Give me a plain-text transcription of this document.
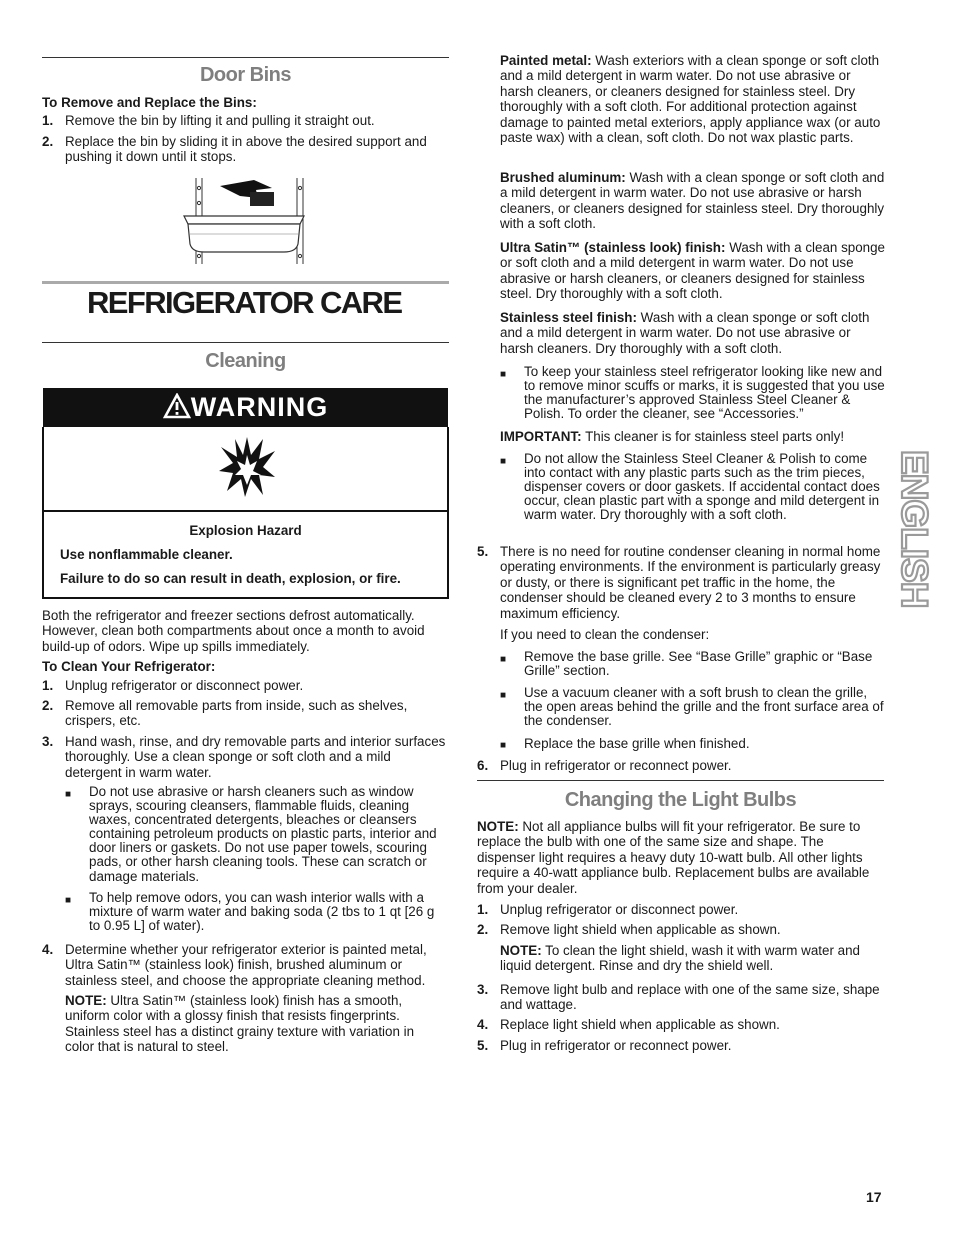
Door Bins
To Remove and Replace the Bins:
1. Remove the bin by lifting it and pulling it straight out.

2. Replace the bin by sliding it in above the desired support and pushing it down until it stops.

REFRIGERATOR CARE
Cleaning
WARNING
Explosion Hazard
Use nonflammable cleaner.
Failure to do so can result in death, explosion, or fire.

Both the refrigerator and freezer sections defrost automatically. However, clean both compartments about once a month to avoid build-up of odors. Wipe up spills immediately.

To Clean Your Refrigerator:
1. Unplug refrigerator or disconnect power.

2. Remove all removable parts from inside, such as shelves, crispers, etc.

3. Hand wash, rinse, and dry removable parts and interior surfaces thoroughly. Use a clean sponge or soft cloth and a mild detergent in warm water.

■ Do not use abrasive or harsh cleaners such as window sprays, scouring cleansers, flammable fluids, cleaning waxes, concentrated detergents, bleaches or cleansers containing petroleum products on plastic parts, interior and door liners or gaskets. Do not use paper towels, scouring pads, or other harsh cleaning tools. These can scratch or damage materials.

■ To help remove odors, you can wash interior walls with a mixture of warm water and baking soda (2 tbs to 1 qt [26 g to 0.95 L] of water).

4. Determine whether your refrigerator exterior is painted metal, Ultra Satin™ (stainless look) finish, brushed aluminum or stainless steel, and choose the appropriate cleaning method.

NOTE: Ultra Satin™ (stainless look) finish has a smooth, uniform color with a glossy finish that resists fingerprints. Stainless steel has a distinct grainy texture with variation in color that is natural to steel.

Painted metal: Wash exteriors with a clean sponge or soft cloth and a mild detergent in warm water. Do not use abrasive or harsh cleaners, or cleaners designed for stainless steel. Dry thoroughly with a soft cloth. For additional protection against damage to painted metal exteriors, apply appliance wax (or auto paste wax) with a clean, soft cloth. Do not wax plastic parts.

Brushed aluminum: Wash with a clean sponge or soft cloth and a mild detergent in warm water. Do not use abrasive or harsh cleaners, or cleaners designed for stainless steel. Dry thoroughly with a soft cloth.

Ultra Satin™ (stainless look) finish: Wash with a clean sponge or soft cloth and a mild detergent in warm water. Do not use abrasive or harsh cleaners, or cleaners designed for stainless steel. Dry thoroughly with a soft cloth.

Stainless steel finish: Wash with a clean sponge or soft cloth and a mild detergent in warm water. Do not use abrasive or harsh cleaners. Dry thoroughly with a soft cloth.

■ To keep your stainless steel refrigerator looking like new and to remove minor scuffs or marks, it is suggested that you use the manufacturer’s approved Stainless Steel Cleaner & Polish. To order the cleaner, see “Accessories.”

IMPORTANT: This cleaner is for stainless steel parts only!

■ Do not allow the Stainless Steel Cleaner & Polish to come into contact with any plastic parts such as the trim pieces, dispenser covers or door gaskets. If accidental contact does occur, clean plastic part with a sponge and mild detergent in warm water. Dry thoroughly with a soft cloth.

5. There is no need for routine condenser cleaning in normal home operating environments. If the environment is particularly greasy or dusty, or there is significant pet traffic in the home, the condenser should be cleaned every 2 to 3 months to ensure maximum efficiency.

If you need to clean the condenser:

■ Remove the base grille. See “Base Grille” graphic or “Base Grille” section.

■ Use a vacuum cleaner with a soft brush to clean the grille, the open areas behind the grille and the front surface area of the condenser.

■ Replace the base grille when finished.

6. Plug in refrigerator or reconnect power.

Changing the Light Bulbs

NOTE: Not all appliance bulbs will fit your refrigerator. Be sure to replace the bulb with one of the same size and shape. The dispenser light requires a heavy duty 10-watt bulb. All other lights require a 40-watt appliance bulb. Replacement bulbs are available from your dealer.

1. Unplug refrigerator or disconnect power.

2. Remove light shield when applicable as shown.

NOTE: To clean the light shield, wash it with warm water and liquid detergent. Rinse and dry the shield well.

3. Remove light bulb and replace with one of the same size, shape and wattage.

4. Replace light shield when applicable as shown.

5. Plug in refrigerator or reconnect power.

ENGLISH
17
